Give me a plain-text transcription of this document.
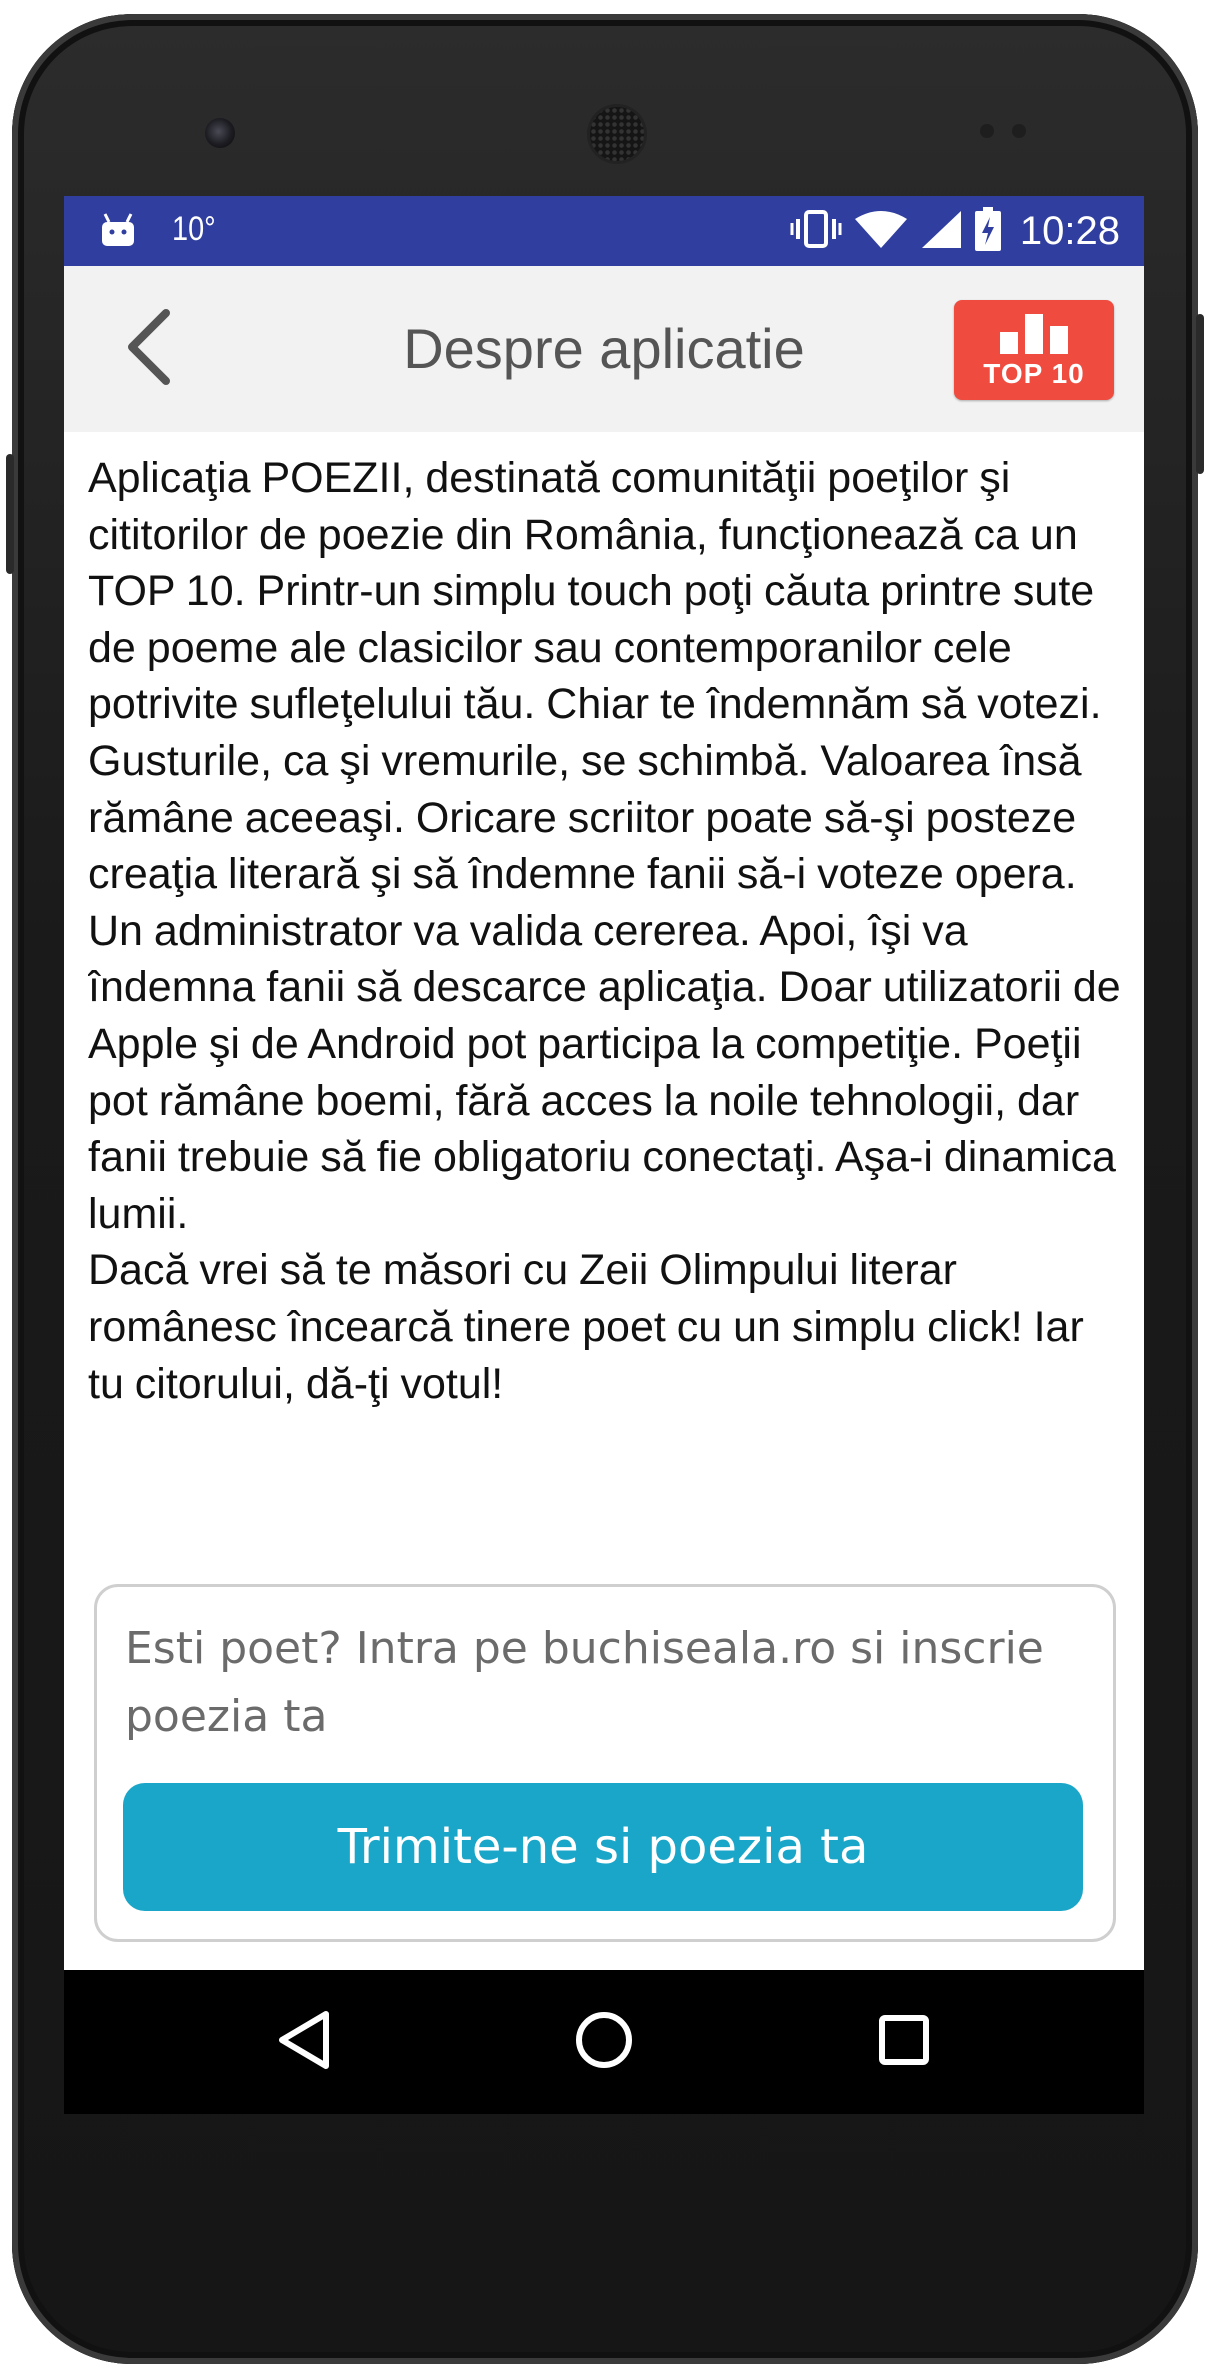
10°	10:28
Despre aplicatie	TOP 10

Aplicaţia POEZII, destinată comunităţii poeţilor şi cititorilor de poezie din România, funcţionează ca un TOP 10. Printr-un simplu touch poţi căuta printre sute de poeme ale clasicilor sau contemporanilor cele potrivite sufleţelului tău. Chiar te îndemnăm să votezi. Gusturile, ca şi vremurile, se schimbă. Valoarea însă rămâne aceeaşi. Oricare scriitor poate să-şi posteze creaţia literară şi să îndemne fanii să-i voteze opera. Un administrator va valida cererea. Apoi, îşi va îndemna fanii să descarce aplicaţia. Doar utilizatorii de Apple şi de Android pot participa la competiţie. Poeţii pot rămâne boemi, fără acces la noile tehnologii, dar fanii trebuie să fie obligatoriu conectaţi. Aşa-i dinamica lumii.

Dacă vrei să te măsori cu Zeii Olimpului literar românesc încearcă tinere poet cu un simplu click! Iar tu citorului, dă-ţi votul!

Esti poet? Intra pe buchiseala.ro si inscrie poezia ta
Trimite-ne si poezia ta
